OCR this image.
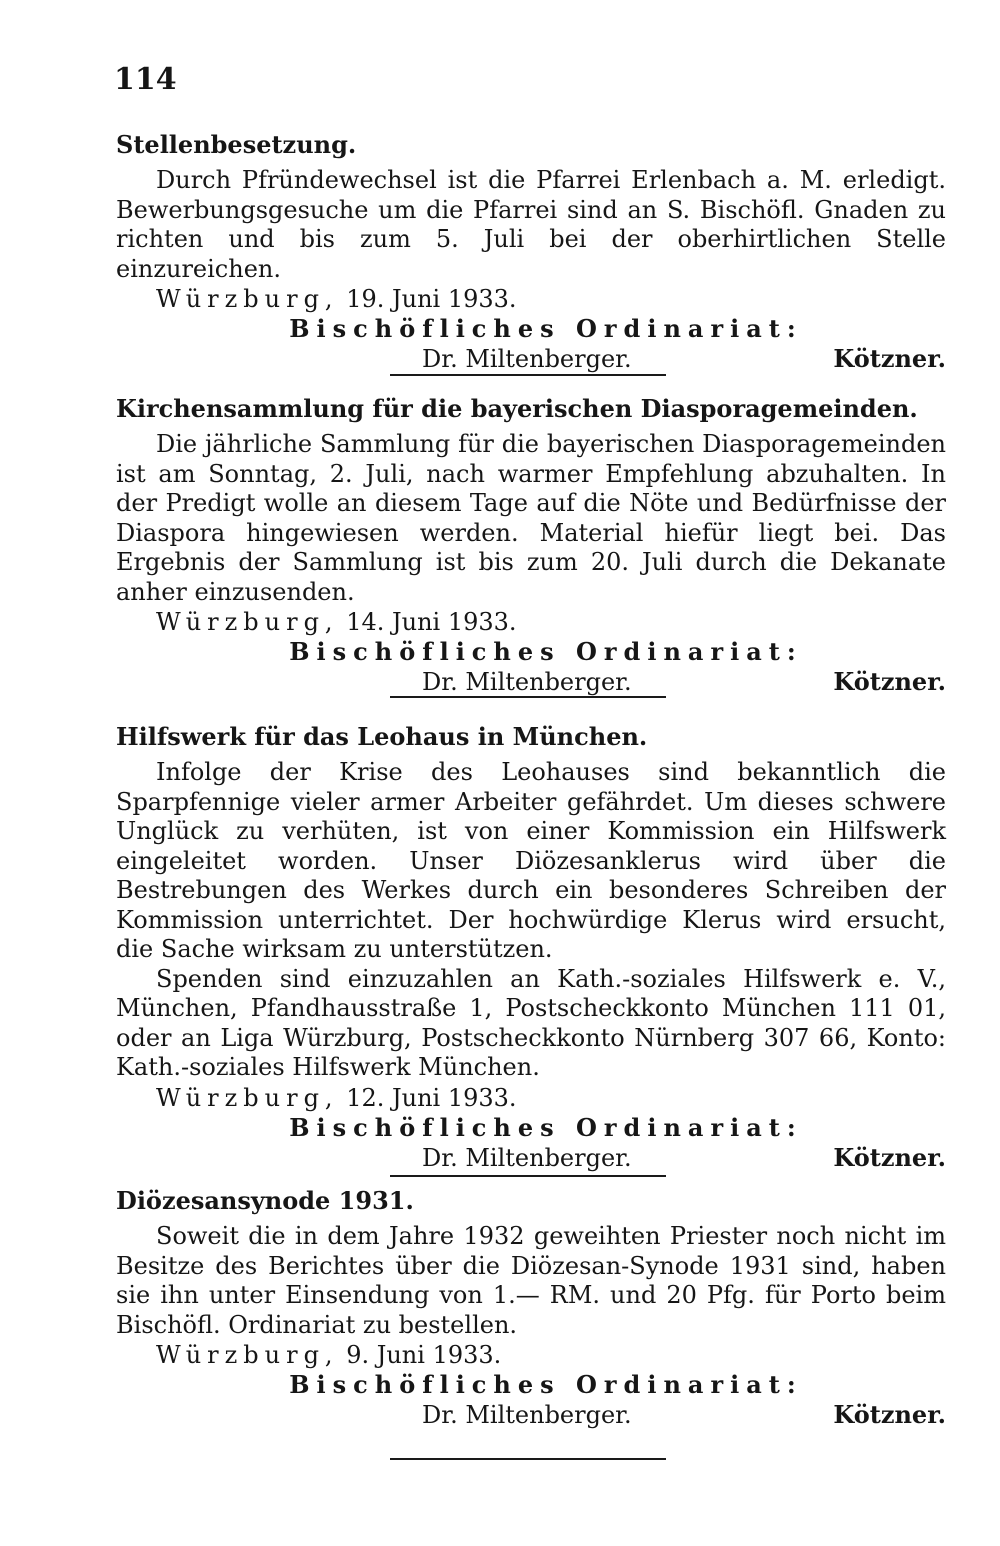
114
Stellenbesetzung.

Durch Pfründewechsel ist die Pfarrei Erlenbach a. M. erledigt. Bewerbungsgesuche um die Pfarrei sind an S. Bischöfl. Gnaden zu richten und bis zum 5. Juli bei der oberhirtlichen Stelle einzureichen.

Würzburg, 19. Juni 1933.
Bischöfliches Ordinariat:
Dr. Miltenberger.	Kötzner.
Kirchensammlung für die bayerischen Diasporagemeinden.

Die jährliche Sammlung für die bayerischen Diasporagemeinden ist am Sonntag, 2. Juli, nach warmer Empfehlung abzuhalten. In der Predigt wolle an diesem Tage auf die Nöte und Bedürfnisse der Diaspora hingewiesen werden. Material hiefür liegt bei. Das Ergebnis der Sammlung ist bis zum 20. Juli durch die Dekanate anher einzusenden.

Würzburg, 14. Juni 1933.
Bischöfliches Ordinariat:
Dr. Miltenberger.	Kötzner.
Hilfswerk für das Leohaus in München.

Infolge der Krise des Leohauses sind bekanntlich die Sparpfennige vieler armer Arbeiter gefährdet. Um dieses schwere Unglück zu verhüten, ist von einer Kommission ein Hilfswerk eingeleitet worden. Unser Diözesanklerus wird über die Bestrebungen des Werkes durch ein besonderes Schreiben der Kommission unterrichtet. Der hochwürdige Klerus wird ersucht, die Sache wirksam zu unterstützen.

Spenden sind einzuzahlen an Kath.-soziales Hilfswerk e. V., München, Pfandhausstraße 1, Postscheckkonto München 111 01, oder an Liga Würzburg, Postscheckkonto Nürnberg 307 66, Konto: Kath.-soziales Hilfswerk München.

Würzburg, 12. Juni 1933.
Bischöfliches Ordinariat:
Dr. Miltenberger.	Kötzner.
Diözesansynode 1931.

Soweit die in dem Jahre 1932 geweihten Priester noch nicht im Besitze des Berichtes über die Diözesan-Synode 1931 sind, haben sie ihn unter Einsendung von 1.— RM. und 20 Pfg. für Porto beim Bischöfl. Ordinariat zu bestellen.

Würzburg, 9. Juni 1933.
Bischöfliches Ordinariat:
Dr. Miltenberger.	Kötzner.
